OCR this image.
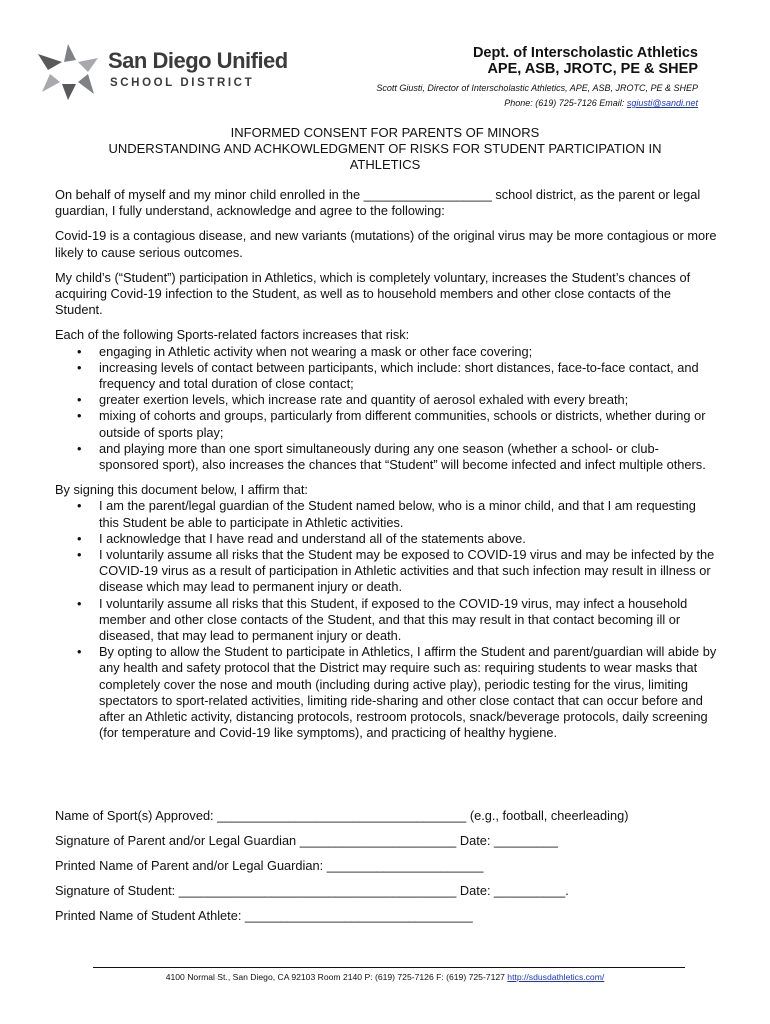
San Diego Unified
SCHOOL DISTRICT
Dept. of Interscholastic Athletics
APE, ASB, JROTC, PE & SHEP
Scott Giusti, Director of Interscholastic Athletics, APE, ASB, JROTC, PE & SHEP
Phone: (619) 725-7126 Email: sgiusti@sandi.net
INFORMED CONSENT FOR PARENTS OF MINORS
UNDERSTANDING AND ACHKOWLEDGMENT OF RISKS FOR STUDENT PARTICIPATION IN
ATHLETICS

On behalf of myself and my minor child enrolled in the __________________ school district, as the parent or legal guardian, I fully understand, acknowledge and agree to the following:

Covid-19 is a contagious disease, and new variants (mutations) of the original virus may be more contagious or more likely to cause serious outcomes.

My child’s (“Student”) participation in Athletics, which is completely voluntary, increases the Student’s chances of acquiring Covid-19 infection to the Student, as well as to household members and other close contacts of the Student.

Each of the following Sports-related factors increases that risk:
• engaging in Athletic activity when not wearing a mask or other face covering;
• increasing levels of contact between participants, which include: short distances, face-to-face contact, and frequency and total duration of close contact;
• greater exertion levels, which increase rate and quantity of aerosol exhaled with every breath;
• mixing of cohorts and groups, particularly from different communities, schools or districts, whether during or outside of sports play;
• and playing more than one sport simultaneously during any one season (whether a school- or club-sponsored sport), also increases the chances that “Student” will become infected and infect multiple others.
By signing this document below, I affirm that:
• I am the parent/legal guardian of the Student named below, who is a minor child, and that I am requesting this Student be able to participate in Athletic activities.
• I acknowledge that I have read and understand all of the statements above.
• I voluntarily assume all risks that the Student may be exposed to COVID-19 virus and may be infected by the COVID-19 virus as a result of participation in Athletic activities and that such infection may result in illness or disease which may lead to permanent injury or death.
• I voluntarily assume all risks that this Student, if exposed to the COVID-19 virus, may infect a household member and other close contacts of the Student, and that this may result in that contact becoming ill or diseased, that may lead to permanent injury or death.
• By opting to allow the Student to participate in Athletics, I affirm the Student and parent/guardian will abide by any health and safety protocol that the District may require such as: requiring students to wear masks that completely cover the nose and mouth (including during active play), periodic testing for the virus, limiting spectators to sport-related activities, limiting ride-sharing and other close contact that can occur before and after an Athletic activity, distancing protocols, restroom protocols, snack/beverage protocols, daily screening (for temperature and Covid-19 like symptoms), and practicing of healthy hygiene.
Name of Sport(s) Approved: ___________________________________ (e.g., football, cheerleading)
Signature of Parent and/or Legal Guardian ______________________ Date: _________
Printed Name of Parent and/or Legal Guardian: ______________________
Signature of Student: _______________________________________ Date: __________.
Printed Name of Student Athlete: ________________________________
4100 Normal St., San Diego, CA 92103 Room 2140 P: (619) 725-7126 F: (619) 725-7127 http://sdusdathletics.com/
